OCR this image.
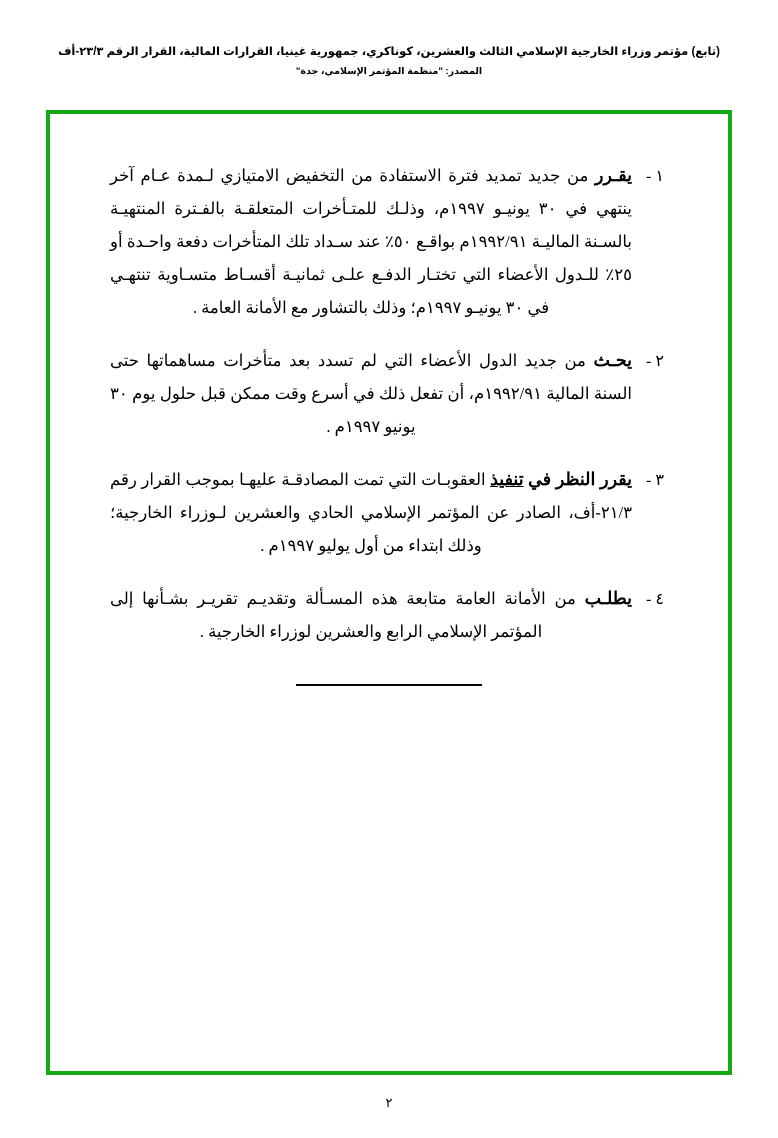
(تابع) مؤتمر وزراء الخارجية الإسلامي الثالث والعشرين، كوناكري، جمهورية غينيا، القرارات المالية، القرار الرقم ٢٣/٣-أف
المصدر: "منظمة المؤتمر الإسلامي، جدة"
١ -
يقـرر من جديد تمديد فترة الاستفادة من التخفيض الامتيازي لـمدة عـام آخر ينتهي في ٣٠ يونيـو ١٩٩٧م، وذلـك للمتـأخرات المتعلقـة بالفـترة المنتهيـة بالسـنة الماليـة ١٩٩٢/٩١م بواقـع ٥٠٪ عند سـداد تلك المتأخرات دفعة واحـدة أو ٢٥٪ للـدول الأعضاء التي تختـار الدفـع علـى ثمانيـة أقسـاط متسـاوية تنتهـي في ٣٠ يونيـو ١٩٩٧م؛ وذلك بالتشاور مع الأمانة العامة .
٢ -
يحـث من جديد الدول الأعضاء التي لم تسدد بعد متأخرات مساهماتها حتى السنة المالية ١٩٩٢/٩١م، أن تفعل ذلك في أسرع وقت ممكن قبل حلول يوم ٣٠ يونيو ١٩٩٧م .
٣ -
يقرر النظر في تنفيذ العقوبـات التي تمت المصادقـة عليهـا بموجب القرار رقم ٢١/٣-أف، الصادر عن المؤتمر الإسلامي الحادي والعشرين لـوزراء الخارجية؛ وذلك ابتداء من أول يوليو ١٩٩٧م .
٤ -
يطلـب من الأمانة العامة متابعة هذه المسـألة وتقديـم تقريـر بشـأنها إلى المؤتمر الإسلامي الرابع والعشرين لوزراء الخارجية .
٢
